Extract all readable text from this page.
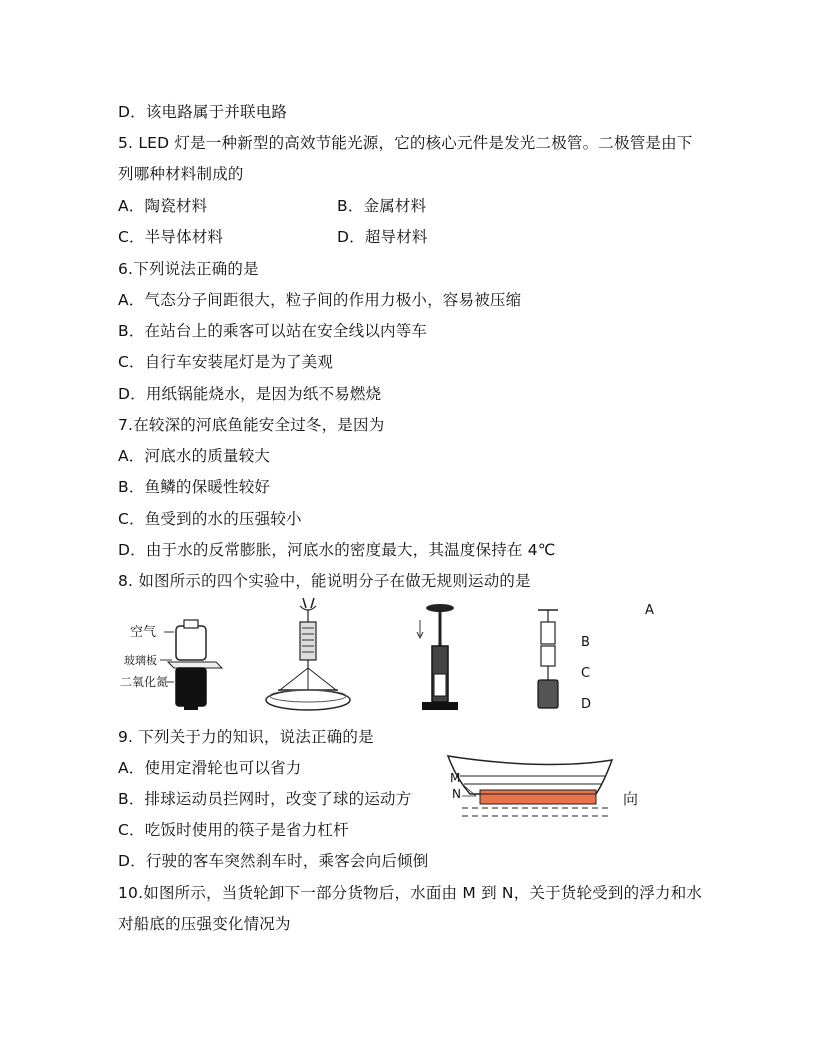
D．该电路属于并联电路
5. LED 灯是一种新型的高效节能光源，它的核心元件是发光二极管。二极管是由下
列哪种材料制成的
A．陶瓷材料	B．金属材料
C．半导体材料	D．超导材料
6.下列说法正确的是
A．气态分子间距很大，粒子间的作用力极小，容易被压缩
B．在站台上的乘客可以站在安全线以内等车
C．自行车安装尾灯是为了美观
D．用纸锅能烧水，是因为纸不易燃烧
7.在较深的河底鱼能安全过冬，是因为
A．河底水的质量较大
B．鱼鳞的保暖性较好
C．鱼受到的水的压强较小
D．由于水的反常膨胀，河底水的密度最大，其温度保持在 4℃
8. 如图所示的四个实验中，能说明分子在做无规则运动的是
空气
玻璃板
二氧化氮
A
B
C
D
9. 下列关于力的知识，说法正确的是
A．使用定滑轮也可以省力
B．排球运动员拦网时，改变了球的运动方	向
C．吃饭时使用的筷子是省力杠杆
D．行驶的客车突然刹车时，乘客会向后倾倒
M
N
10.如图所示，当货轮卸下一部分货物后，水面由 M 到 N，关于货轮受到的浮力和水
对船底的压强变化情况为
